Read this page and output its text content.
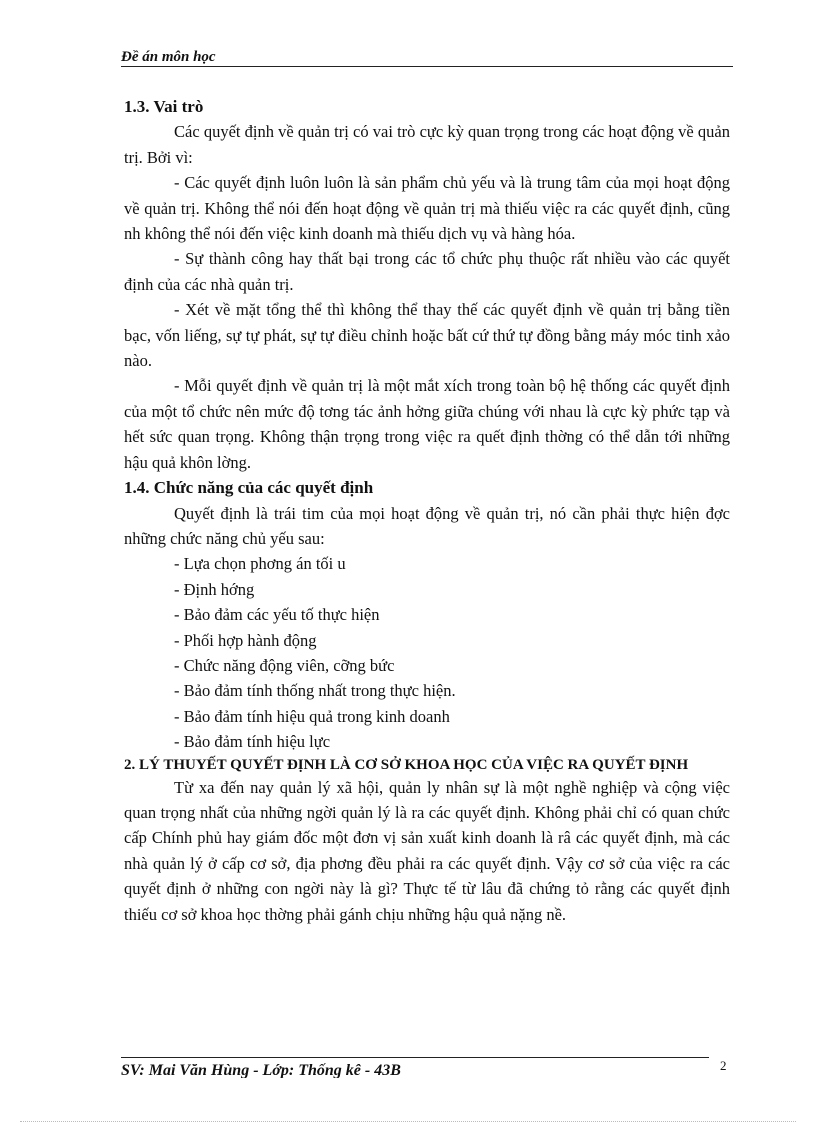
Đề án môn học

1.3. Vai trò

Các quyết định về quản trị có vai trò cực kỳ quan trọng trong các hoạt động về quản trị. Bởi vì:

- Các quyết định luôn luôn là sản phẩm chủ yếu và là trung tâm của mọi hoạt động về quản trị. Không thể nói đến hoạt động về quản trị mà thiếu việc ra các quyết định, cũng nh không thể nói đến việc kinh doanh mà thiếu dịch vụ và hàng hóa.

- Sự thành công hay thất bại trong các tổ chức phụ thuộc rất nhiều vào các quyết định của các nhà quản trị.

- Xét về mặt tổng thể thì không thể thay thế các quyết định về quản trị bằng tiền bạc, vốn liếng, sự tự phát, sự tự điều chỉnh hoặc bất cứ thứ tự đồng bằng máy móc tinh xảo nào.

- Mỗi quyết định về quản trị là một mắt xích trong toàn bộ hệ thống các quyết định của một tổ chức nên mức độ tơng tác ảnh hởng giữa chúng với nhau là cực kỳ phức tạp và hết sức quan trọng. Không thận trọng trong việc ra quết định thờng có thể dẫn tới những hậu quả khôn lờng.

1.4. Chức năng của các quyết định

Quyết định là trái tim của mọi hoạt động về quản trị, nó cần phải thực hiện đợc những chức năng chủ yếu sau:

- Lựa chọn phơng án tối u

- Định hớng

- Bảo đảm các yếu tố thực hiện

- Phối hợp hành động

- Chức năng động viên, cỡng bức

- Bảo đảm tính thống nhất trong thực hiện.

- Bảo đảm tính hiệu quả trong kinh doanh

- Bảo đảm tính hiệu lực

2. LÝ THUYẾT QUYẾT ĐỊNH LÀ CƠ SỞ KHOA HỌC CỦA VIỆC RA QUYẾT ĐỊNH

Từ xa đến nay quản lý xã hội, quản ly nhân sự là một nghề nghiệp và cộng việc quan trọng nhất của những ngời quản lý là ra các quyết định. Không phải chỉ có quan chức cấp Chính phủ hay giám đốc một đơn vị sản xuất kinh doanh là râ các quyết định, mà các nhà quản lý ở cấp cơ sở, địa phơng đều phải ra các quyết định. Vậy cơ sở của việc ra các quyết định ở những con ngời này là gì? Thực tế từ lâu đã chứng tỏ rằng các quyết định thiếu cơ sở khoa học thờng phải gánh chịu những hậu quả nặng nề.

SV: Mai Văn Hùng - Lớp: Thống kê - 43B	2
